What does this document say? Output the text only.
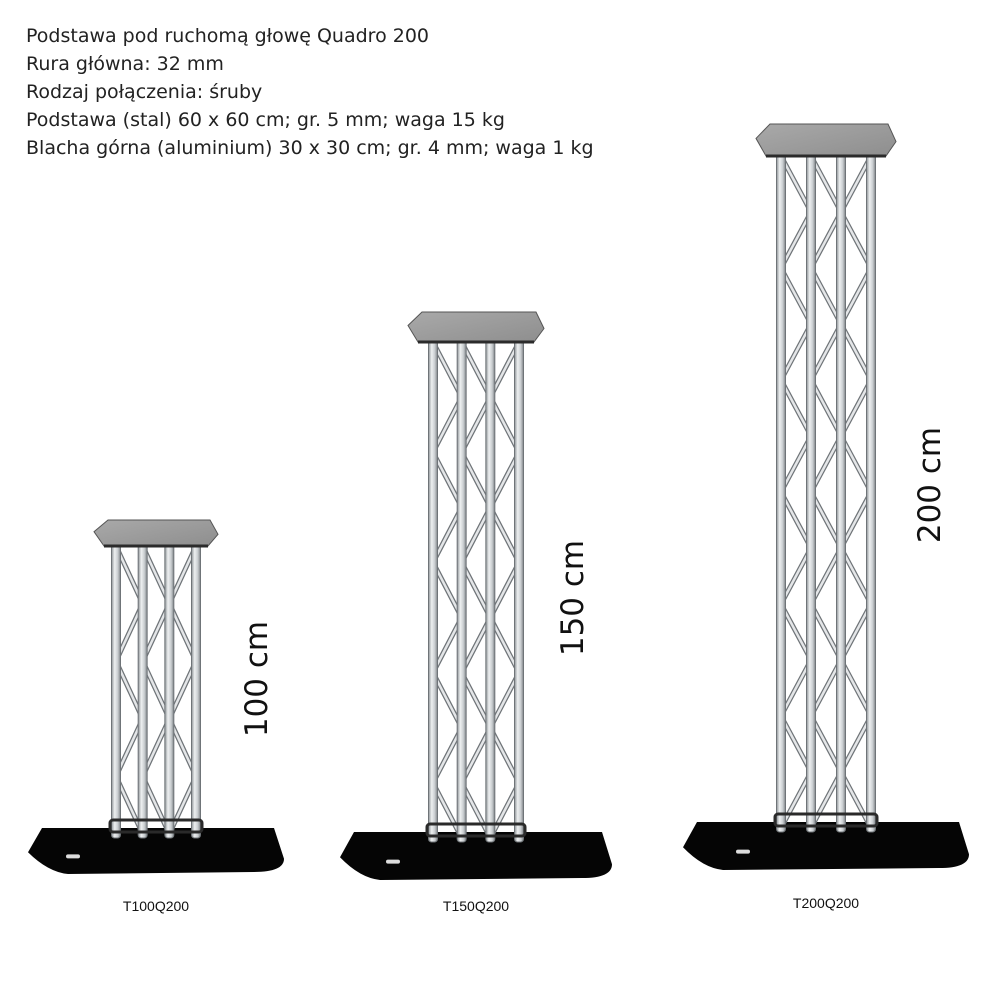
Podstawa pod ruchomą głowę Quadro 200
Rura główna: 32 mm
Rodzaj połączenia: śruby
Podstawa (stal) 60 x 60 cm; gr. 5 mm; waga 15 kg
Blacha górna (aluminium) 30 x 30 cm; gr. 4 mm; waga 1 kg
100 cm
150 cm
200 cm
T100Q200	T150Q200	T200Q200
